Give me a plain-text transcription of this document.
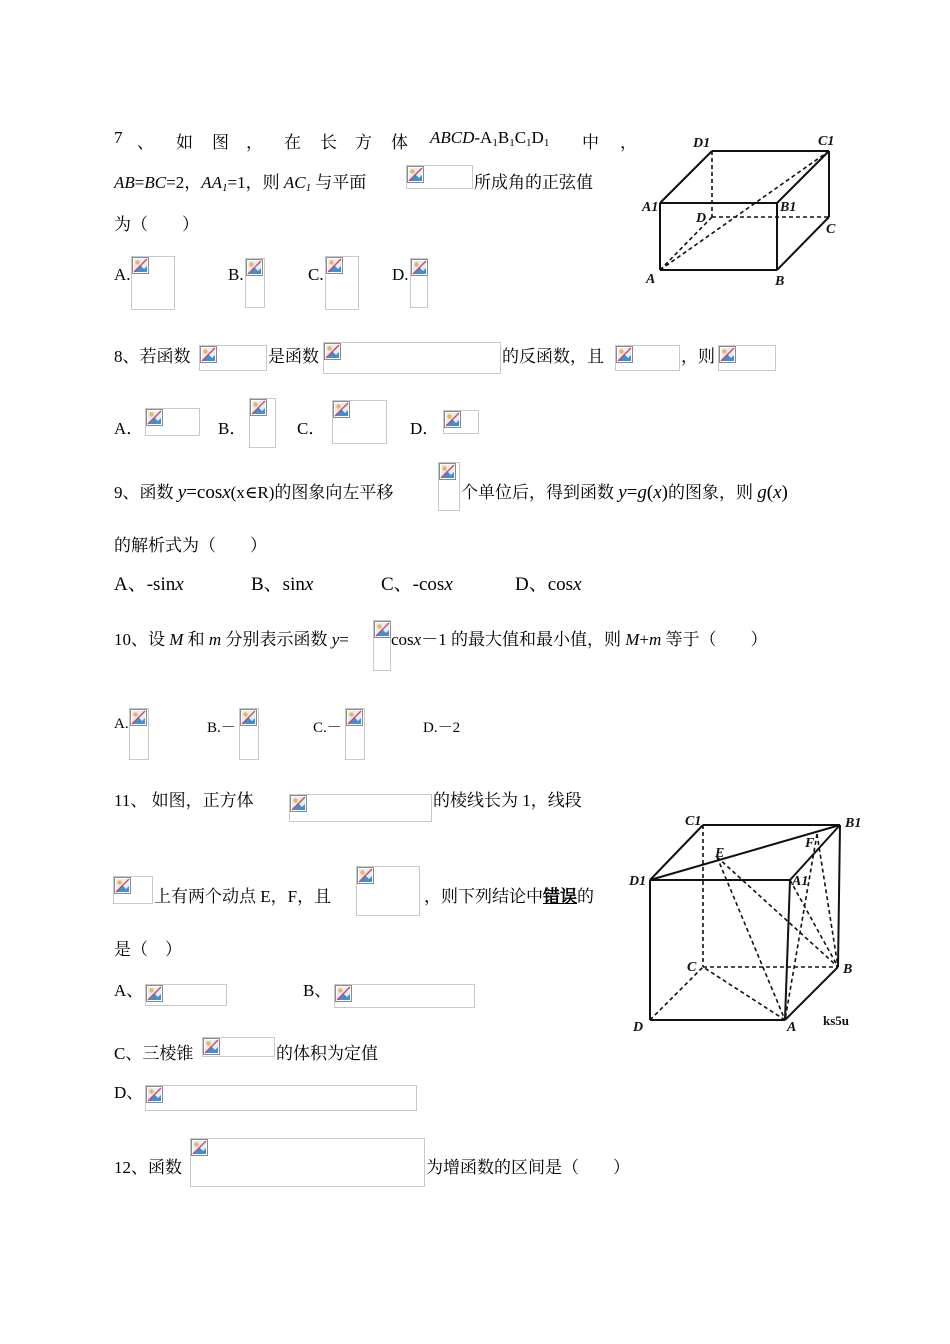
7 、 如 图 ， 在 长 方 体 ABCD-$A_1B_1C_1D_1$ 中 ，
AB=BC=2，$AA_1=1$，则 $AC_1$ 与平面	所成角的正弦值
为（　　）
A.	B.	C.	D.
D1	C1
A1
D
B1
C
A	B
8、若函数	是函数	的反函数，且	，则
A．	B．	C．	D．
9、函数 y=cosx(x∈R)的图象向左平移	个单位后，得到函数 y=g(x)的图象，则 g(x)
的解析式为（　　）
A、-sinx	B、sinx	C、-cosx	D、cosx
10、设 M 和 m 分别表示函数 y= cosx－1 的最大值和最小值，则 M+m 等于（　　）
A.	B.－	C.－	D.－2
11、 如图，正方体	的棱线长为 1，线段
上有两个动点 E，F，且	，则下列结论中错误的
是（　）
A、	B、
C、三棱锥	的体积为定值
D、
C1	B1
E
F
D1	A1
C	B
D	A ks5u
12、函数	为增函数的区间是（　　）
